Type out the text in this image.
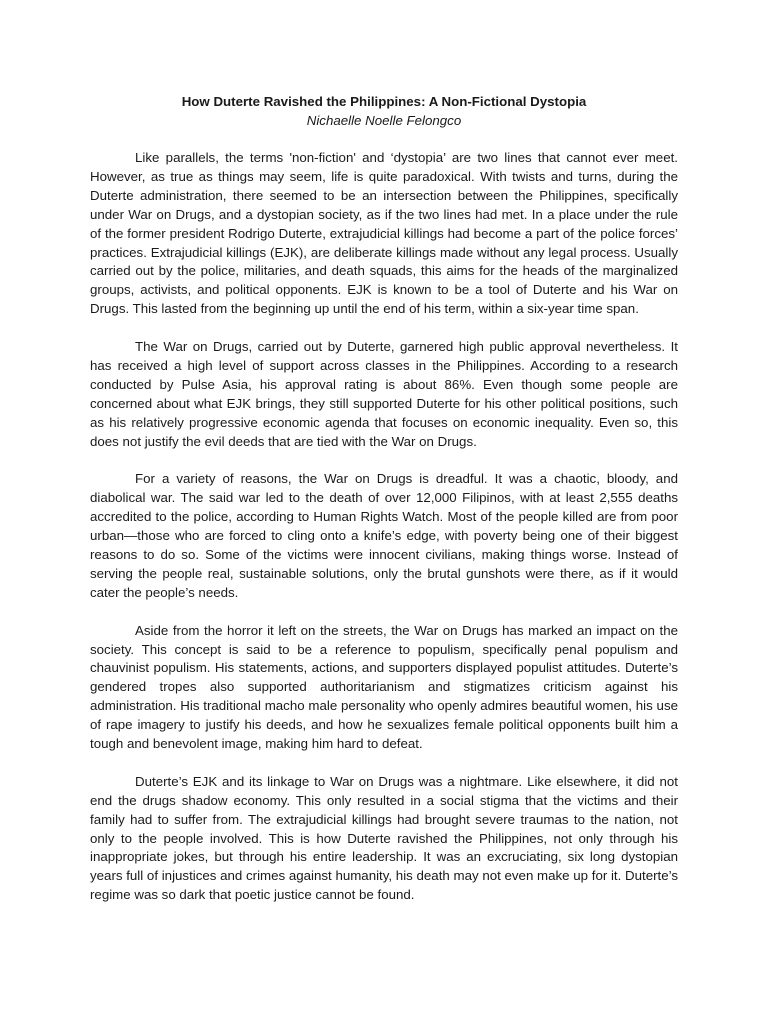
How Duterte Ravished the Philippines: A Non-Fictional Dystopia

Nichaelle Noelle Felongco

Like parallels, the terms 'non-fiction' and ‘dystopia’ are two lines that cannot ever meet. However, as true as things may seem, life is quite paradoxical. With twists and turns, during the Duterte administration, there seemed to be an intersection between the Philippines, specifically under War on Drugs, and a dystopian society, as if the two lines had met. In a place under the rule of the former president Rodrigo Duterte, extrajudicial killings had become a part of the police forces’ practices. Extrajudicial killings (EJK), are deliberate killings made without any legal process. Usually carried out by the police, militaries, and death squads, this aims for the heads of the marginalized groups, activists, and political opponents. EJK is known to be a tool of Duterte and his War on Drugs. This lasted from the beginning up until the end of his term, within a six-year time span.

The War on Drugs, carried out by Duterte, garnered high public approval nevertheless. It has received a high level of support across classes in the Philippines. According to a research conducted by Pulse Asia, his approval rating is about 86%. Even though some people are concerned about what EJK brings, they still supported Duterte for his other political positions, such as his relatively progressive economic agenda that focuses on economic inequality. Even so, this does not justify the evil deeds that are tied with the War on Drugs.

For a variety of reasons, the War on Drugs is dreadful. It was a chaotic, bloody, and diabolical war. The said war led to the death of over 12,000 Filipinos, with at least 2,555 deaths accredited to the police, according to Human Rights Watch. Most of the people killed are from poor urban—those who are forced to cling onto a knife’s edge, with poverty being one of their biggest reasons to do so. Some of the victims were innocent civilians, making things worse. Instead of serving the people real, sustainable solutions, only the brutal gunshots were there, as if it would cater the people’s needs.

Aside from the horror it left on the streets, the War on Drugs has marked an impact on the society. This concept is said to be a reference to populism, specifically penal populism and chauvinist populism. His statements, actions, and supporters displayed populist attitudes. Duterte’s gendered tropes also supported authoritarianism and stigmatizes criticism against his administration. His traditional macho male personality who openly admires beautiful women, his use of rape imagery to justify his deeds, and how he sexualizes female political opponents built him a tough and benevolent image, making him hard to defeat.

Duterte’s EJK and its linkage to War on Drugs was a nightmare. Like elsewhere, it did not end the drugs shadow economy. This only resulted in a social stigma that the victims and their family had to suffer from. The extrajudicial killings had brought severe traumas to the nation, not only to the people involved. This is how Duterte ravished the Philippines, not only through his inappropriate jokes, but through his entire leadership. It was an excruciating, six long dystopian years full of injustices and crimes against humanity, his death may not even make up for it. Duterte’s regime was so dark that poetic justice cannot be found.
